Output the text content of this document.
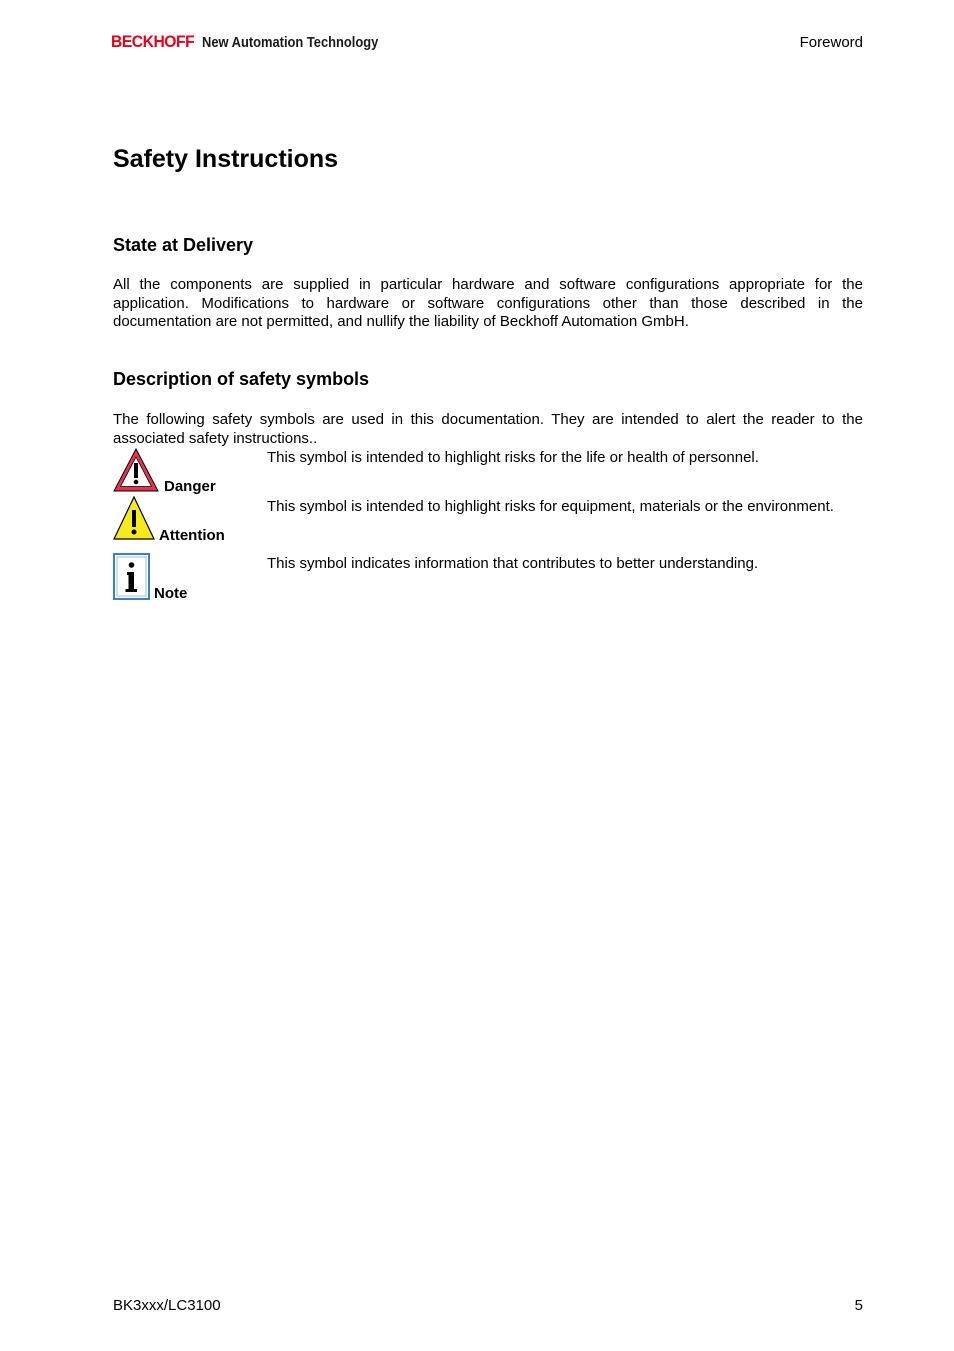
BECKHOFF New Automation Technology	Foreword
Safety Instructions
State at Delivery

All the components are supplied in particular hardware and software configurations appropriate for the application. Modifications to hardware or software configurations other than those described in the documentation are not permitted, and nullify the liability of Beckhoff Automation GmbH.

Description of safety symbols

The following safety symbols are used in this documentation. They are intended to alert the reader to the associated safety instructions..

Danger
This symbol is intended to highlight risks for the life or health of personnel.
Attention
This symbol is intended to highlight risks for equipment, materials or the environment.
Note
This symbol indicates information that contributes to better understanding.
BK3xxx/LC3100	5
